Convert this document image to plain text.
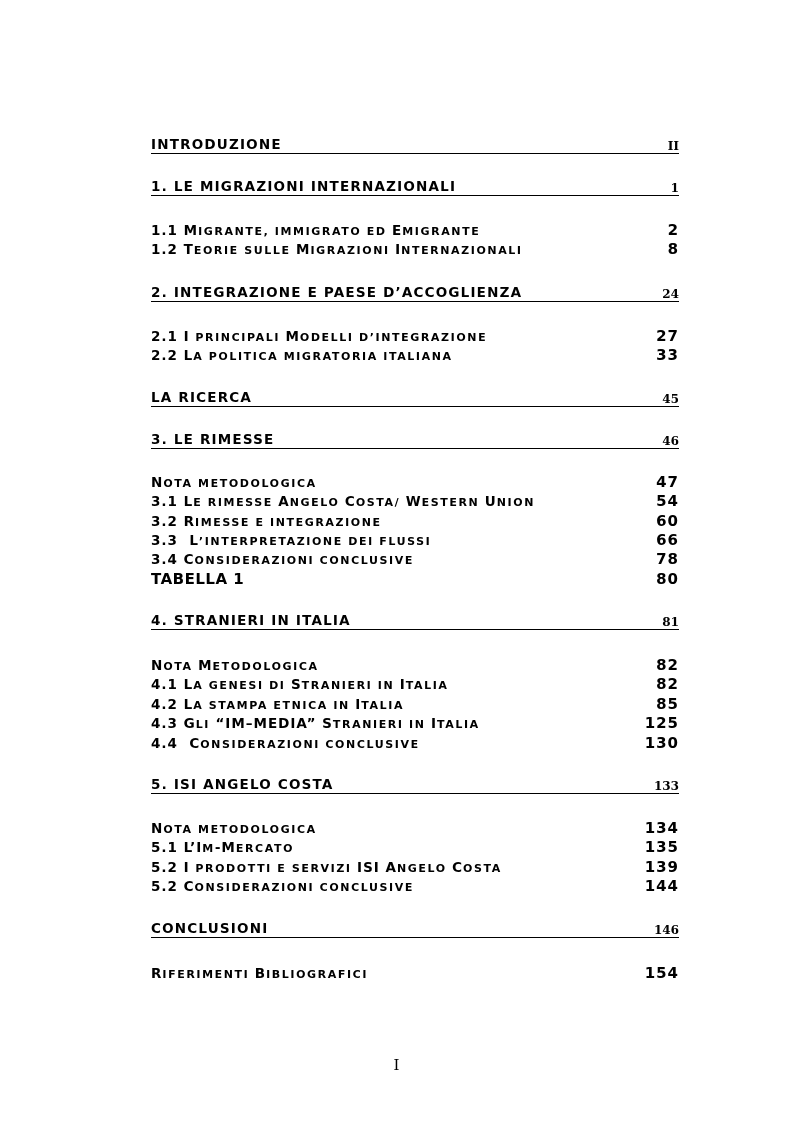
INTRODUZIONE	II
1. LE MIGRAZIONI INTERNAZIONALI	1
1.1 MIGRANTE, IMMIGRATO ED EMIGRANTE	2
1.2 TEORIE SULLE MIGRAZIONI INTERNAZIONALI	8
2. INTEGRAZIONE E PAESE D’ACCOGLIENZA	24
2.1 I PRINCIPALI MODELLI D’INTEGRAZIONE	27
2.2 LA POLITICA MIGRATORIA ITALIANA	33
LA RICERCA	45
3. LE RIMESSE	46
NOTA METODOLOGICA	47
3.1 LE RIMESSE ANGELO COSTA/ WESTERN UNION	54
3.2 RIMESSE E INTEGRAZIONE	60
3.3  L’INTERPRETAZIONE DEI FLUSSI	66
3.4 CONSIDERAZIONI CONCLUSIVE	78
TABELLA 1	80
4. STRANIERI IN ITALIA	81
NOTA METODOLOGICA	82
4.1 LA GENESI DI STRANIERI IN ITALIA	82
4.2 LA STAMPA ETNICA IN ITALIA	85
4.3 GLI “IM–MEDIA” STRANIERI IN ITALIA	125
4.4  CONSIDERAZIONI CONCLUSIVE	130
5. ISI ANGELO COSTA	133
NOTA METODOLOGICA	134
5.1 L’IM-MERCATO	135
5.2 I PRODOTTI E SERVIZI ISI ANGELO COSTA	139
5.2 CONSIDERAZIONI CONCLUSIVE	144
CONCLUSIONI	146
RIFERIMENTI BIBLIOGRAFICI	154
I
